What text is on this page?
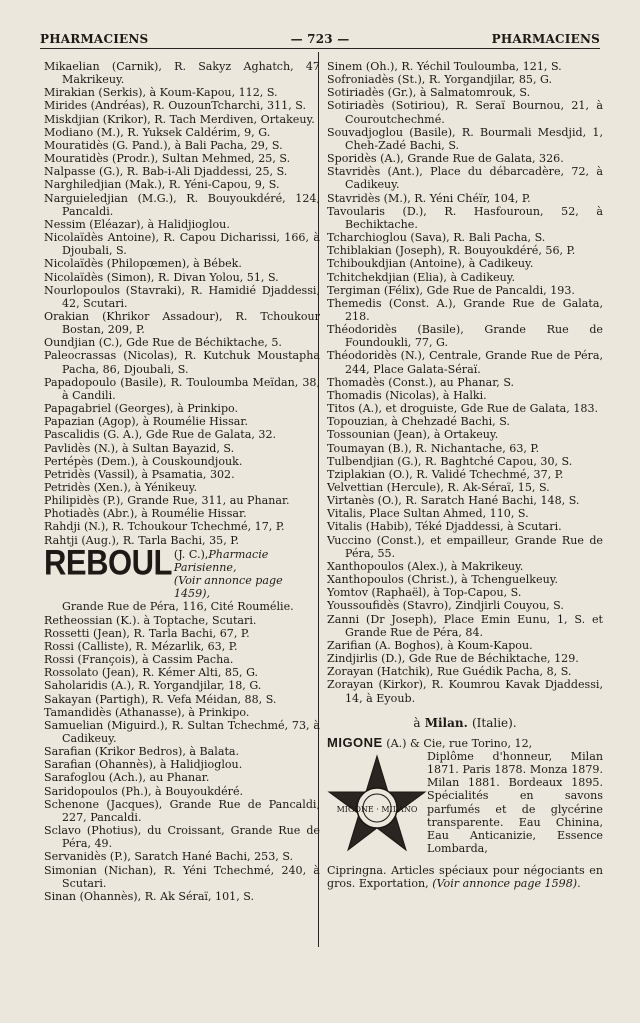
PHARMACIENS	— 723 —	PHARMACIENS
Mikaelian (Carnik), R. Sakyz Aghatch, 47 Makrikeuy.
Mirakian (Serkis), à Koum-Kapou, 112, S.
Mirides (Andréas), R. OuzounTcharchi, 311, S.
Miskdjian (Krikor), R. Tach Merdiven, Ortakeuy.
Modiano (M.), R. Yuksek Caldérim, 9, G.
Mouratidès (G. Pand.), à Bali Pacha, 29, S.
Mouratidès (Prodr.), Sultan Mehmed, 25, S.
Nalpasse (G.), R. Bab-i-Ali Djaddessi, 25, S.
Narghiledjian (Mak.), R. Yéni-Capou, 9, S.
Narguieledjian (M.G.), R. Bouyoukdéré, 124, Pancaldi.
Nessim (Eléazar), à Halidjioglou.
Nicolaïdès Antoine), R. Capou Dicharissi, 166, à Djoubali, S.
Nicolaïdès (Philopœmen), à Bébek.
Nicolaïdès (Simon), R. Divan Yolou, 51, S.
Nourlopoulos (Stavraki), R. Hamidié Djaddessi, 42, Scutari.
Orakian (Khrikor Assadour), R. Tchoukour Bostan, 209, P.
Oundjian (C.), Gde Rue de Béchiktache, 5.
Paleocrassas (Nicolas), R. Kutchuk Moustapha Pacha, 86, Djoubali, S.
Papadopoulo (Basile), R. Touloumba Meïdan, 38, à Candili.
Papagabriel (Georges), à Prinkipo.
Papazian (Agop), à Roumélie Hissar.
Pascalidis (G. A.), Gde Rue de Galata, 32.
Pavlidès (N.), à Sultan Bayazid, S.
Pertépès (Dem.), à Couskoundjouk.
Petridès (Vassil), à Psamatia, 302.
Petridès (Xen.), à Yénikeuy.
Philipidès (P.), Grande Rue, 311, au Phanar.
Photiadès (Abr.), à Roumélie Hissar.
Rahdji (N.), R. Tchoukour Tchechmé, 17, P.
Rahtji (Aug.), R. Tarla Bachi, 35, P.
REBOUL (J. C.),Pharmacie Parisienne,
(Voir annonce page 1459),
Grande Rue de Péra, 116, Cité Roumélie.
Retheossian (K.). à Toptache, Scutari.
Rossetti (Jean), R. Tarla Bachi, 67, P.
Rossi (Calliste), R. Mézarlik, 63, P.
Rossi (François), à Cassim Pacha.
Rossolato (Jean), R. Kémer Alti, 85, G.
Saholaridis (A.), R. Yorgandjilar, 18, G.
Sakayan (Partigh), R. Vefa Méidan, 88, S.
Tamandidès (Athanasse), à Prinkipo.
Samuelian (Miguird.), R. Sultan Tchechmé, 73, à Cadikeuy.
Sarafian (Krikor Bedros), à Balata.
Sarafian (Ohannès), à Halidjioglou.
Sarafoglou (Ach.), au Phanar.
Saridopoulos (Ph.), à Bouyoukdéré.
Schenone (Jacques), Grande Rue de Pancaldi, 227, Pancaldi.
Sclavo (Photius), du Croissant, Grande Rue de Péra, 49.
Servanidès (P.), Saratch Hané Bachi, 253, S.
Simonian (Nichan), R. Yéni Tchechmé, 240, à Scutari.
Sinan (Ohannès), R. Ak Séraï, 101, S.
Sinem (Oh.), R. Yéchil Touloumba, 121, S.
Sofroniadès (St.), R. Yorgandjilar, 85, G.
Sotiriadès (Gr.), à Salmatomrouk, S.
Sotiriadès (Sotiriou), R. Seraï Bournou, 21, à Couroutchechmé.
Souvadjoglou (Basile), R. Bourmali Mesdjid, 1, Cheh-Zadé Bachi, S.
Sporidès (A.), Grande Rue de Galata, 326.
Stavridès (Ant.), Place du débarcadère, 72, à Cadikeuy.
Stavridès (M.), R. Yéni Chéïr, 104, P.
Tavoularis (D.), R. Hasfouroun, 52, à Bechiktache.
Tcharchioglou (Sava), R. Bali Pacha, S.
Tchiblakian (Joseph), R. Bouyoukdéré, 56, P.
Tchiboukdjian (Antoine), à Cadikeuy.
Tchitchekdjian (Elia), à Cadikeuy.
Tergiman (Félix), Gde Rue de Pancaldi, 193.
Themedis (Const. A.), Grande Rue de Galata, 218.
Théodoridès (Basile), Grande Rue de Foundoukli, 77, G.
Théodoridès (N.), Centrale, Grande Rue de Péra, 244, Place Galata-Séraï.
Thomadès (Const.), au Phanar, S.
Thomadis (Nicolas), à Halki.
Titos (A.), et droguiste, Gde Rue de Galata, 183.
Topouzian, à Chehzadé Bachi, S.
Tossounian (Jean), à Ortakeuy.
Toumayan (B.), R. Nichantache, 63, P.
Tulbendjian (G.), R. Baghtché Capou, 30, S.
Tziplakian (O.), R. Validé Tchechmé, 37, P.
Velvettian (Hercule), R. Ak-Séraï, 15, S.
Virtanès (O.), R. Saratch Hané Bachi, 148, S.
Vitalis, Place Sultan Ahmed, 110, S.
Vitalis (Habib), Téké Djaddessi, à Scutari.
Vuccino (Const.), et empailleur, Grande Rue de Péra, 55.
Xanthopoulos (Alex.), à Makrikeuy.
Xanthopoulos (Christ.), à Tchenguelkeuy.
Yomtov (Raphaël), à Top-Capou, S.
Youssoufidès (Stavro), Zindjirli Couyou, S.
Zanni (Dr Joseph), Place Emin Eunu, 1, S. et Grande Rue de Péra, 84.
Zarifian (A. Boghos), à Koum-Kapou.
Zindjirlis (D.), Gde Rue de Béchiktache, 129.
Zorayan (Hatchik), Rue Guédik Pacha, 8, S.
Zorayan (Kirkor), R. Koumrou Kavak Djaddessi, 14, à Eyoub.
à Milan. (Italie).
MIGONE (A.) & Cie, rue Torino, 12,
MIGONE · MILANO
Diplôme d'honneur, Milan 1871. Paris 1878. Monza 1879. Milan 1881. Bordeaux 1895. Spécialités en savons parfumés et de glycérine transparente. Eau Chinina, Eau Anticanizie, Essence Lombarda,
Cipringna. Articles spéciaux pour négociants en gros. Exportation, (Voir annonce page 1598).
